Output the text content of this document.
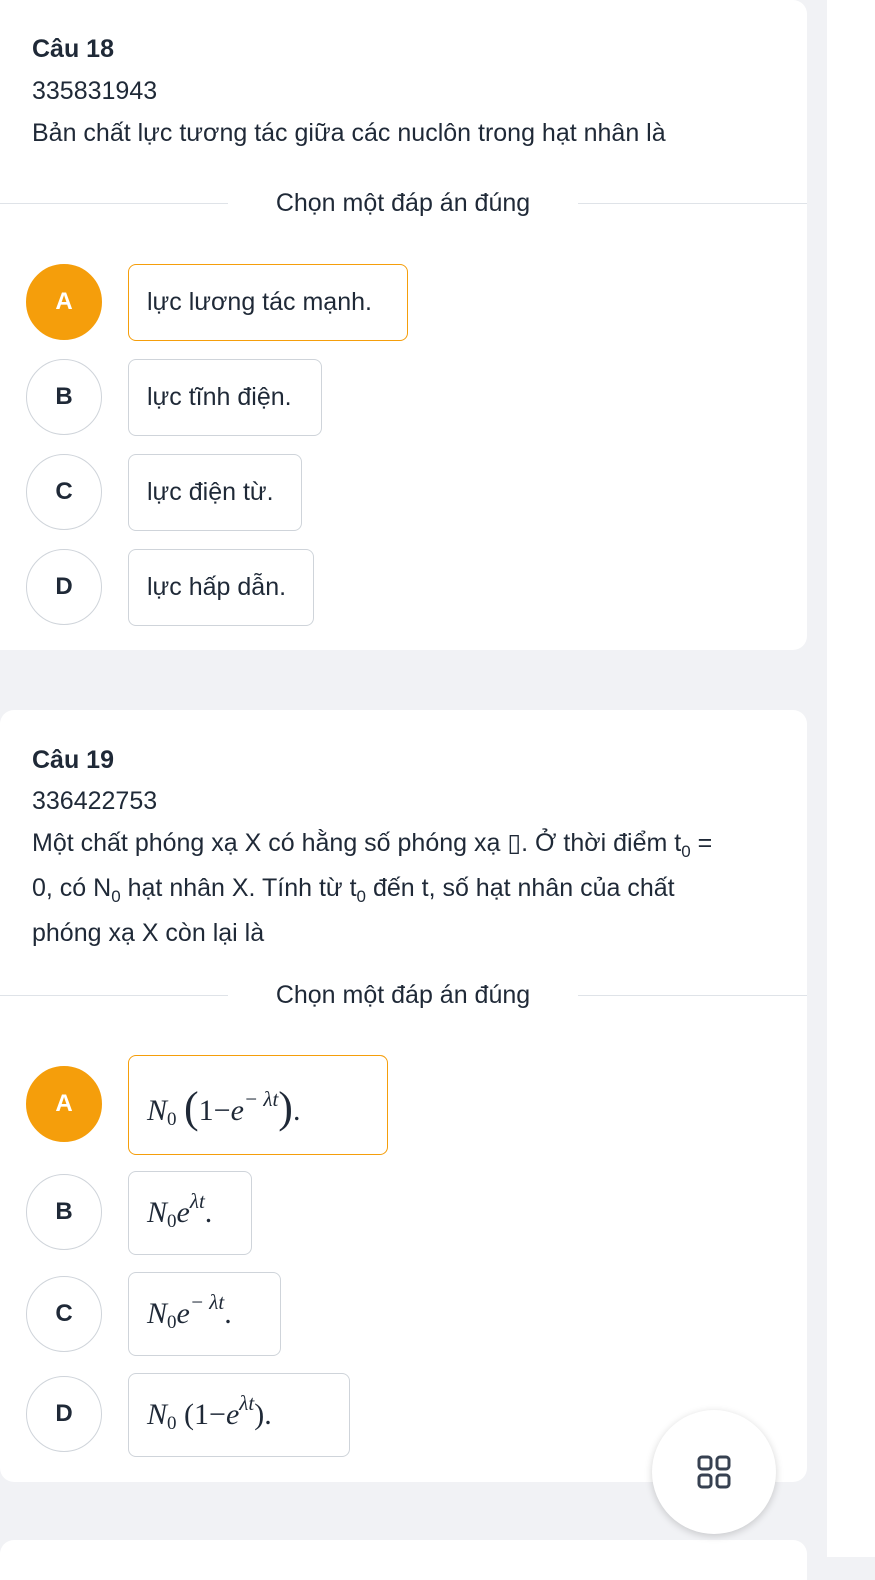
Câu 18
335831943
Bản chất lực tương tác giữa các nuclôn trong hạt nhân là
Chọn một đáp án đúng
A	lực lương tác mạnh.
B	lực tĩnh điện.
C	lực điện từ.
D	lực hấp dẫn.
Câu 19
336422753
Một chất phóng xạ X có hằng số phóng xạ ▯. Ở thời điểm $t_0$ =
0, có $N_0$ hạt nhân X. Tính từ $t_0$ đến t, số hạt nhân của chất
phóng xạ X còn lại là
Chọn một đáp án đúng
A	N0 $(1-e^{- \lambda t})$.
B	$N0e^{\lambda t}$.
C	$N0e^{- \lambda t}$.
D	N0 $(1-e^{\lambda t})$.
